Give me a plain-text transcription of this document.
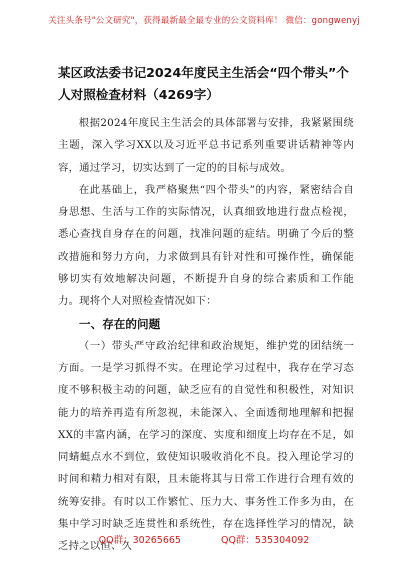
关注头条号"公文研究"，获得最新最全最专业的公文资料库！ 微信：gongwenyj
某区政法委书记2024年度民主生活会“四个带头”个人对照检查材料（4269字）

根据2024年度民主生活会的具体部署与安排，我紧紧围绕主题，深入学习XX以及习近平总书记系列重要讲话精神等内容，通过学习，切实达到了一定的的目标与成效。

在此基础上，我严格聚焦“四个带头”的内容，紧密结合自身思想、生活与工作的实际情况，认真细致地进行盘点检视，悉心查找自身存在的问题，找准问题的症结。明确了今后的整改措施和努力方向，力求做到具有针对性和可操作性，确保能够切实有效地解决问题，不断提升自身的综合素质和工作能力。现将个人对照检查情况如下：

一、存在的问题

（一）带头严守政治纪律和政治规矩，维护党的团结统一方面。一是学习抓得不实。在理论学习过程中，我存在学习态度不够积极主动的问题，缺乏应有的自觉性和积极性，对知识能力的培养再造有所忽视，未能深入、全面透彻地理解和把握XX的丰富内涵，在学习的深度、实度和细度上均存在不足，如同蜻蜓点水不到位，致使知识吸收消化不良。投入理论学习的时间和精力相对有限，且未能将其与日常工作进行合理有效的统筹安排。有时以工作繁忙、压力大、事务性工作多为由，在集中学习时缺乏连贯性和系统性，存在选择性学习的情况，缺乏持之以恒、久

QQ群：30265665	QQ群：535304092
